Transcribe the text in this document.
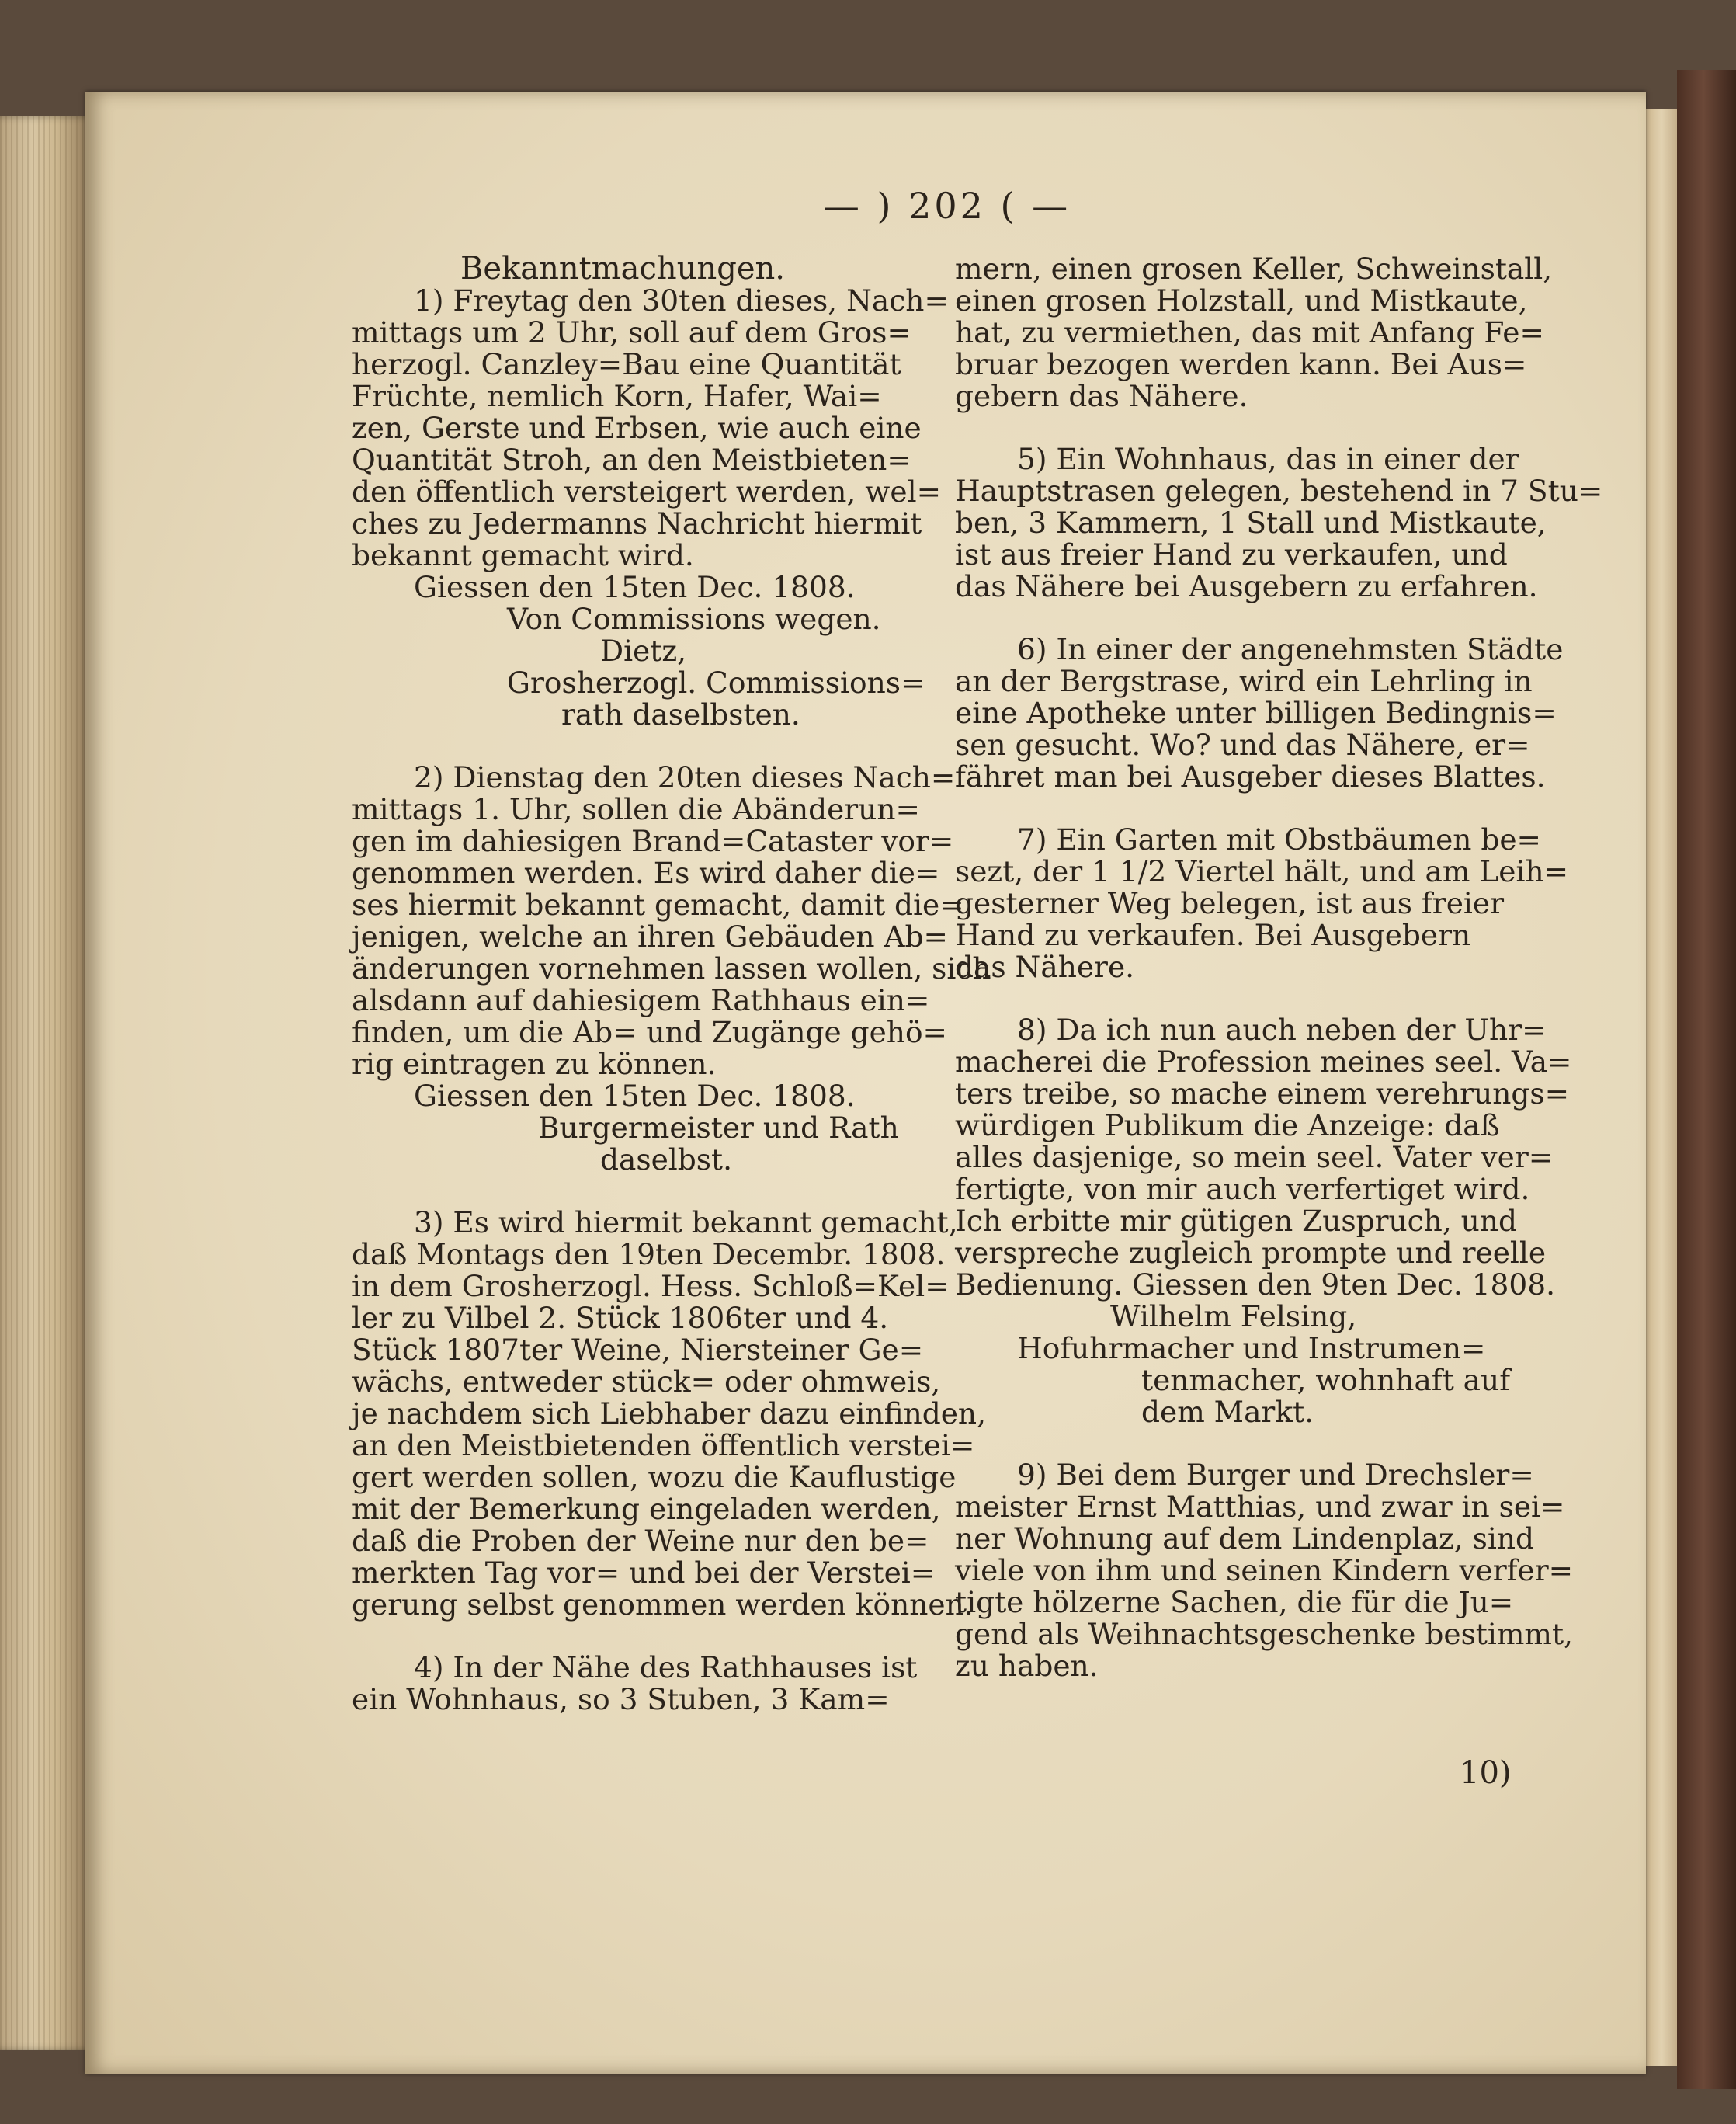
— ) 202 ( —
Bekanntmachungen.
1) Freytag den 30ten dieses, Nach=
mittags um 2 Uhr, soll auf dem Gros=
herzogl. Canzley=Bau eine Quantität
Früchte, nemlich Korn, Hafer, Wai=
zen, Gerste und Erbsen, wie auch eine
Quantität Stroh, an den Meistbieten=
den öffentlich versteigert werden, wel=
ches zu Jedermanns Nachricht hiermit
bekannt gemacht wird.
Giessen den 15ten Dec. 1808.
Von Commissions wegen.
Dietz,
Grosherzogl. Commissions=
rath daselbsten.
2) Dienstag den 20ten dieses Nach=
mittags 1. Uhr, sollen die Abänderun=
gen im dahiesigen Brand=Cataster vor=
genommen werden. Es wird daher die=
ses hiermit bekannt gemacht, damit die=
jenigen, welche an ihren Gebäuden Ab=
änderungen vornehmen lassen wollen, sich
alsdann auf dahiesigem Rathhaus ein=
finden, um die Ab= und Zugänge gehö=
rig eintragen zu können.
Giessen den 15ten Dec. 1808.
Burgermeister und Rath
daselbst.
3) Es wird hiermit bekannt gemacht,
daß Montags den 19ten Decembr. 1808.
in dem Grosherzogl. Hess. Schloß=Kel=
ler zu Vilbel 2. Stück 1806ter und 4.
Stück 1807ter Weine, Niersteiner Ge=
wächs, entweder stück= oder ohmweis,
je nachdem sich Liebhaber dazu einfinden,
an den Meistbietenden öffentlich verstei=
gert werden sollen, wozu die Kauflustige
mit der Bemerkung eingeladen werden,
daß die Proben der Weine nur den be=
merkten Tag vor= und bei der Verstei=
gerung selbst genommen werden können.
4) In der Nähe des Rathhauses ist
ein Wohnhaus, so 3 Stuben, 3 Kam=
mern, einen grosen Keller, Schweinstall,
einen grosen Holzstall, und Mistkaute,
hat, zu vermiethen, das mit Anfang Fe=
bruar bezogen werden kann. Bei Aus=
gebern das Nähere.
5) Ein Wohnhaus, das in einer der
Hauptstrasen gelegen, bestehend in 7 Stu=
ben, 3 Kammern, 1 Stall und Mistkaute,
ist aus freier Hand zu verkaufen, und
das Nähere bei Ausgebern zu erfahren.
6) In einer der angenehmsten Städte
an der Bergstrase, wird ein Lehrling in
eine Apotheke unter billigen Bedingnis=
sen gesucht. Wo? und das Nähere, er=
fähret man bei Ausgeber dieses Blattes.
7) Ein Garten mit Obstbäumen be=
sezt, der 1 1/2 Viertel hält, und am Leih=
gesterner Weg belegen, ist aus freier
Hand zu verkaufen. Bei Ausgebern
das Nähere.
8) Da ich nun auch neben der Uhr=
macherei die Profession meines seel. Va=
ters treibe, so mache einem verehrungs=
würdigen Publikum die Anzeige: daß
alles dasjenige, so mein seel. Vater ver=
fertigte, von mir auch verfertiget wird.
Ich erbitte mir gütigen Zuspruch, und
verspreche zugleich prompte und reelle
Bedienung. Giessen den 9ten Dec. 1808.
Wilhelm Felsing,
Hofuhrmacher und Instrumen=
tenmacher, wohnhaft auf
dem Markt.
9) Bei dem Burger und Drechsler=
meister Ernst Matthias, und zwar in sei=
ner Wohnung auf dem Lindenplaz, sind
viele von ihm und seinen Kindern verfer=
tigte hölzerne Sachen, die für die Ju=
gend als Weihnachtsgeschenke bestimmt,
zu haben.
10)
